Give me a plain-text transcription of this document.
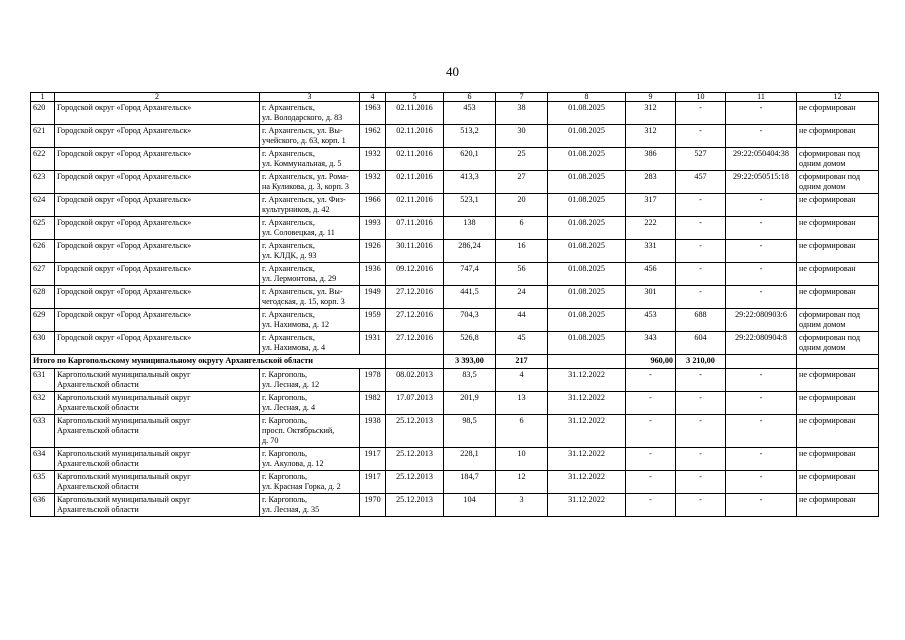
40
1	2	3	4	5	6	7	8	9	10	11	12
620	Городской округ «Город Архангельск»	г. Архангельск,
ул. Володарского, д. 83	1963	02.11.2016	453	38	01.08.2025	312	-	-	не сформирован
621	Городской округ «Город Архангельск»	г. Архангельск, ул. Вы-
учейского, д. 63, корп. 1	1962	02.11.2016	513,2	30	01.08.2025	312	-	-	не сформирован
622	Городской округ «Город Архангельск»	г. Архангельск,
ул. Коммунальная, д. 5	1932	02.11.2016	620,1	25	01.08.2025	386	527	29:22:050404:38	сформирован под
одним домом
623	Городской округ «Город Архангельск»	г. Архангельск, ул. Рома-
на Куликова, д. 3, корп. 3	1932	02.11.2016	413,3	27	01.08.2025	283	457	29:22:050515:18	сформирован под
одним домом
624	Городской округ «Город Архангельск»	г. Архангельск, ул. Физ-
культурников, д. 42	1966	02.11.2016	523,1	20	01.08.2025	317	-	-	не сформирован
625	Городской округ «Город Архангельск»	г. Архангельск,
ул. Соловецкая, д. 11	1993	07.11.2016	138	6	01.08.2025	222	-	-	не сформирован
626	Городской округ «Город Архангельск»	г. Архангельск,
ул. КЛДК, д. 93	1926	30.11.2016	286,24	16	01.08.2025	331	-	-	не сформирован
627	Городской округ «Город Архангельск»	г. Архангельск,
ул. Лермонтова, д. 29	1936	09.12.2016	747,4	56	01.08.2025	456	-	-	не сформирован
628	Городской округ «Город Архангельск»	г. Архангельск, ул. Вы-
чегодская, д. 15, корп. 3	1949	27.12.2016	441,5	24	01.08.2025	301	-	-	не сформирован
629	Городской округ «Город Архангельск»	г. Архангельск,
ул. Нахимова, д. 12	1959	27.12.2016	704,3	44	01.08.2025	453	688	29:22:080903:6	сформирован под
одним домом
630	Городской округ «Город Архангельск»	г. Архангельск,
ул. Нахимова, д. 4	1931	27.12.2016	526,8	45	01.08.2025	343	604	29:22:080904:8	сформирован под
одним домом
Итого по Каргопольскому муниципальному округу Архангельской области					3 393,00	217		960,00	3 210,00		
631	Каргопольский муниципальный округ
Архангельской области	г. Каргополь,
ул. Лесная, д. 12	1978	08.02.2013	83,5	4	31.12.2022	-	-	-	не сформирован
632	Каргопольский муниципальный округ
Архангельской области	г. Каргополь,
ул. Лесная, д. 4	1982	17.07.2013	201,9	13	31.12.2022	-	-	-	не сформирован
633	Каргопольский муниципальный округ
Архангельской области	г. Каргополь,
просп. Октябрьский,
д. 70	1938	25.12.2013	98,5	6	31.12.2022	-	-	-	не сформирован
634	Каргопольский муниципальный округ
Архангельской области	г. Каргополь,
ул. Акулова, д. 12	1917	25.12.2013	228,1	10	31.12.2022	-	-	-	не сформирован
635	Каргопольский муниципальный округ
Архангельской области	г. Каргополь,
ул. Красная Горка, д. 2	1917	25.12.2013	184,7	12	31.12.2022	-	-	-	не сформирован
636	Каргопольский муниципальный округ
Архангельской области	г. Каргополь,
ул. Лесная, д. 35	1970	25.12.2013	104	3	31.12.2022	-	-	-	не сформирован
